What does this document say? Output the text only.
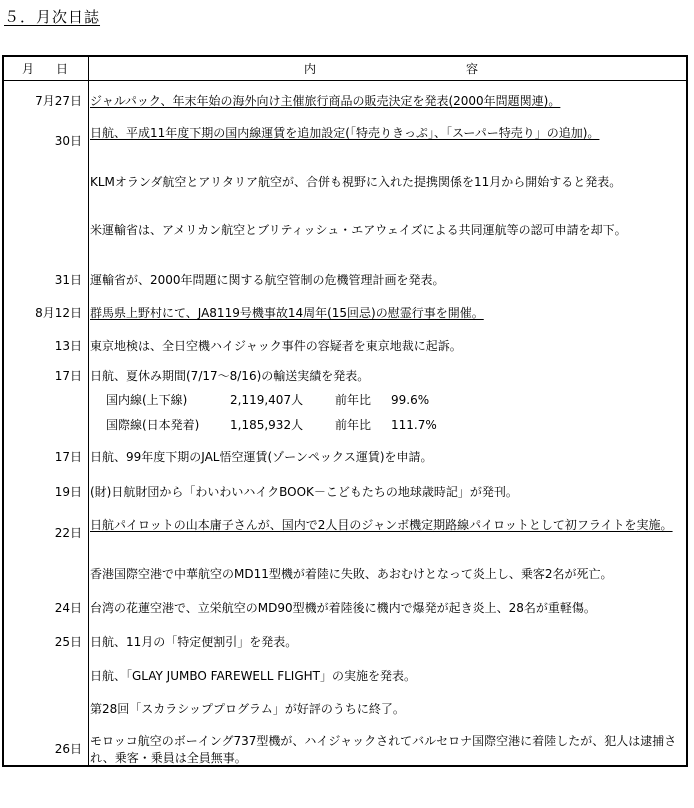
５．月次日誌
月日	内	容
7月27日 ジャルパック、年末年始の海外向け主催旅行商品の販売決定を発表(2000年問題関連)。
30日
日航、平成11年度下期の国内線運賃を追加設定(「特売りきっぷ」、「スーパー特売り」の追加)。
KLMオランダ航空とアリタリア航空が、合併も視野に入れた提携関係を11月から開始すると発表。
米運輸省は、アメリカン航空とブリティッシュ・エアウェイズによる共同運航等の認可申請を却下。
31日 運輸省が、2000年問題に関する航空管制の危機管理計画を発表。
8月12日 群馬県上野村にて、JA8119号機事故14周年(15回忌)の慰霊行事を開催。
13日 東京地検は、全日空機ハイジャック事件の容疑者を東京地裁に起訴。
17日 日航、夏休み期間(7/17～8/16)の輸送実績を発表。
国内線(上下線)	2,119,407人	前年比 99.6%
国際線(日本発着)	1,185,932人	前年比 111.7%
17日 日航、99年度下期のJAL悟空運賃(ゾーンペックス運賃)を申請。
19日 (財)日航財団から「わいわいハイクBOOK－こどもたちの地球歳時記」が発刊。
22日
日航パイロットの山本庸子さんが、国内で2人目のジャンボ機定期路線パイロットとして初フライトを実施。
香港国際空港で中華航空のMD11型機が着陸に失敗、あおむけとなって炎上し、乗客2名が死亡。
24日 台湾の花蓮空港で、立栄航空のMD90型機が着陸後に機内で爆発が起き炎上、28名が重軽傷。
25日 日航、11月の「特定便割引」を発表。
日航、「GLAY JUMBO FAREWELL FLIGHT」の実施を発表。
第28回「スカラシッププログラム」が好評のうちに終了。
26日
モロッコ航空のボーイング737型機が、ハイジャックされてバルセロナ国際空港に着陸したが、犯人は逮捕され、乗客・乗員は全員無事。
